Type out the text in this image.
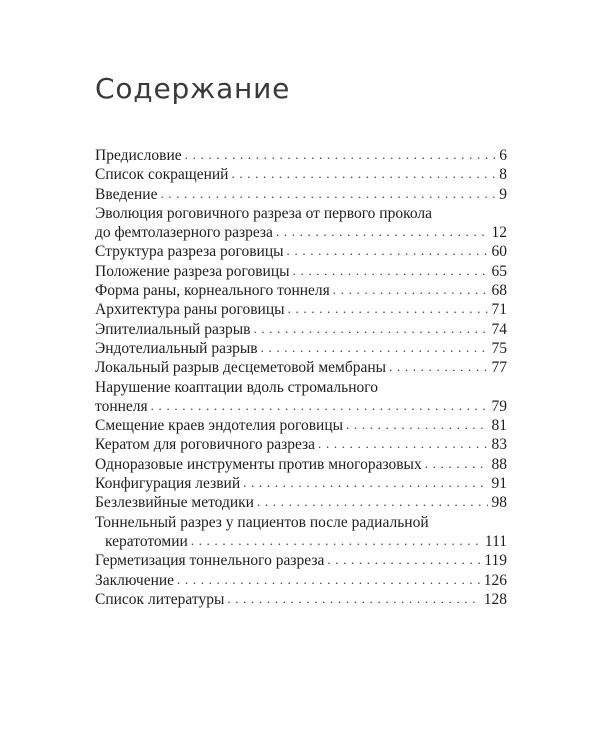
Содержание
Предисловие . . .	6
Список сокращений . . .	8
Введение . . .	9
Эволюция роговичного разреза от первого прокола
до фемтолазерного разреза . . .	12
Структура разреза роговицы . . .	60
Положение разреза роговицы . . .	65
Форма раны, корнеального тоннеля . . .	68
Архитектура раны роговицы . . .	71
Эпителиальный разрыв . . .	74
Эндотелиальный разрыв . . .	75
Локальный разрыв десцеметовой мембраны . . .	77
Нарушение коаптации вдоль стромального
тоннеля . . .	79
Смещение краев эндотелия роговицы . . .	81
Кератом для роговичного разреза . . .	83
Одноразовые инструменты против многоразовых . . .	88
Конфигурация лезвий . . .	91
Безлезвийные методики . . .	98
Тоннельный разрез у пациентов после радиальной
кератотомии . . .	111
Герметизация тоннельного разреза . . .	119
Заключение . . .	126
Список литературы . . .	128
